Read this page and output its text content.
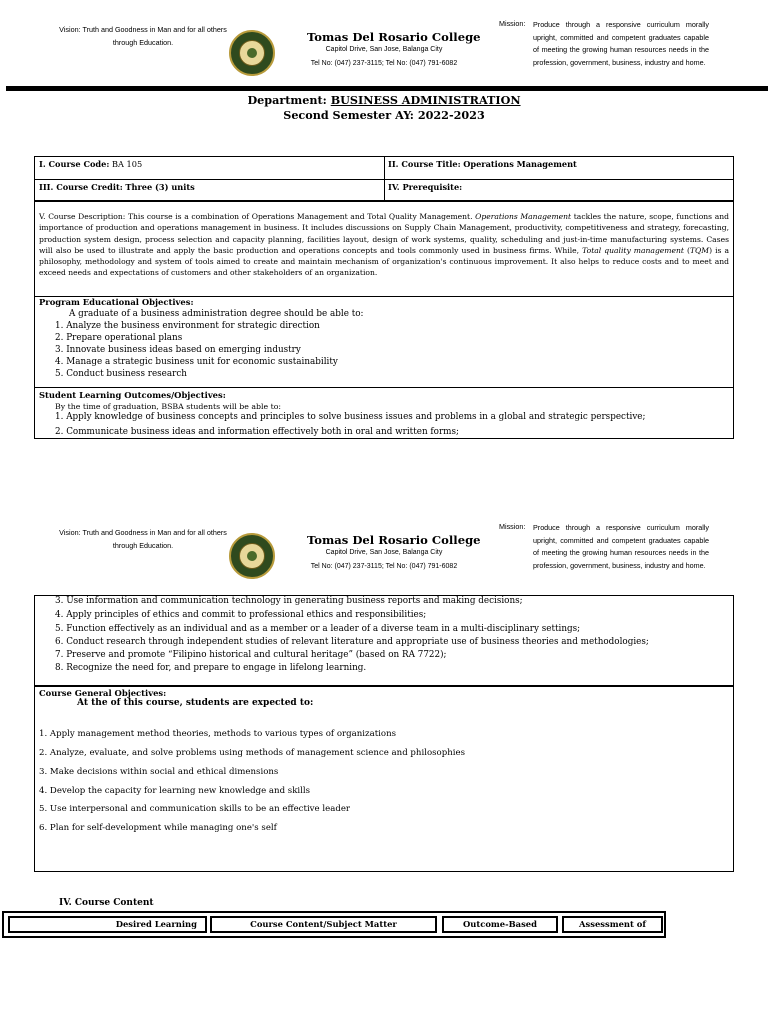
Vision: Truth and Goodness in Man and for all others through Education.	Tomas Del Rosario College
Capitol Drive, San Jose, Balanga City
Tel No: (047) 237-3115; Tel No: (047) 791-6082
Mission: Produce through a responsive curriculum morally upright, committed and competent graduates capable of meeting the growing human resources needs in the profession, government, business, industry and home.
Department: BUSINESS ADMINISTRATION
Second Semester AY: 2022-2023
I. Course Code: BA 105	II. Course Title: Operations Management
III. Course Credit: Three (3) units	IV. Prerequisite:
V. Course Description: This course is a combination of Operations Management and Total Quality Management. Operations Management tackles the nature, scope, functions and importance of production and operations management in business. It includes discussions on Supply Chain Management, productivity, competitiveness and strategy, forecasting, production system design, process selection and capacity planning, facilities layout, design of work systems, quality, scheduling and just-in-time manufacturing systems. Cases will also be used to illustrate and apply the basic production and operations concepts and tools commonly used in business firms. While, Total quality management (TQM) is a philosophy, methodology and system of tools aimed to create and maintain mechanism of organization's continuous improvement. It also helps to reduce costs and to meet and exceed needs and expectations of customers and other stakeholders of an organization.
Program Educational Objectives:
A graduate of a business administration degree should be able to:
1. Analyze the business environment for strategic direction
2. Prepare operational plans
3. Innovate business ideas based on emerging industry
4. Manage a strategic business unit for economic sustainability
5. Conduct business research
Student Learning Outcomes/Objectives:
By the time of graduation, BSBA students will be able to:
1. Apply knowledge of business concepts and principles to solve business issues and problems in a global and strategic perspective;
2. Communicate business ideas and information effectively both in oral and written forms;
Vision: Truth and Goodness in Man and for all others through Education.	Tomas Del Rosario College
Capitol Drive, San Jose, Balanga City
Tel No: (047) 237-3115; Tel No: (047) 791-6082
Mission: Produce through a responsive curriculum morally upright, committed and competent graduates capable of meeting the growing human resources needs in the profession, government, business, industry and home.
3. Use information and communication technology in generating business reports and making decisions;
4. Apply principles of ethics and commit to professional ethics and responsibilities;
5. Function effectively as an individual and as a member or a leader of a diverse team in a multi-disciplinary settings;
6. Conduct research through independent studies of relevant literature and appropriate use of business theories and methodologies;
7. Preserve and promote “Filipino historical and cultural heritage” (based on RA 7722);
8. Recognize the need for, and prepare to engage in lifelong learning.
Course General Objectives:
At the of this course, students are expected to:
1. Apply management method theories, methods to various types of organizations
2. Analyze, evaluate, and solve problems using methods of management science and philosophies
3. Make decisions within social and ethical dimensions
4. Develop the capacity for learning new knowledge and skills
5. Use interpersonal and communication skills to be an effective leader
6. Plan for self-development while managing one's self
IV. Course Content
Desired Learning	Course Content/Subject Matter	Outcome-Based	Assessment of
